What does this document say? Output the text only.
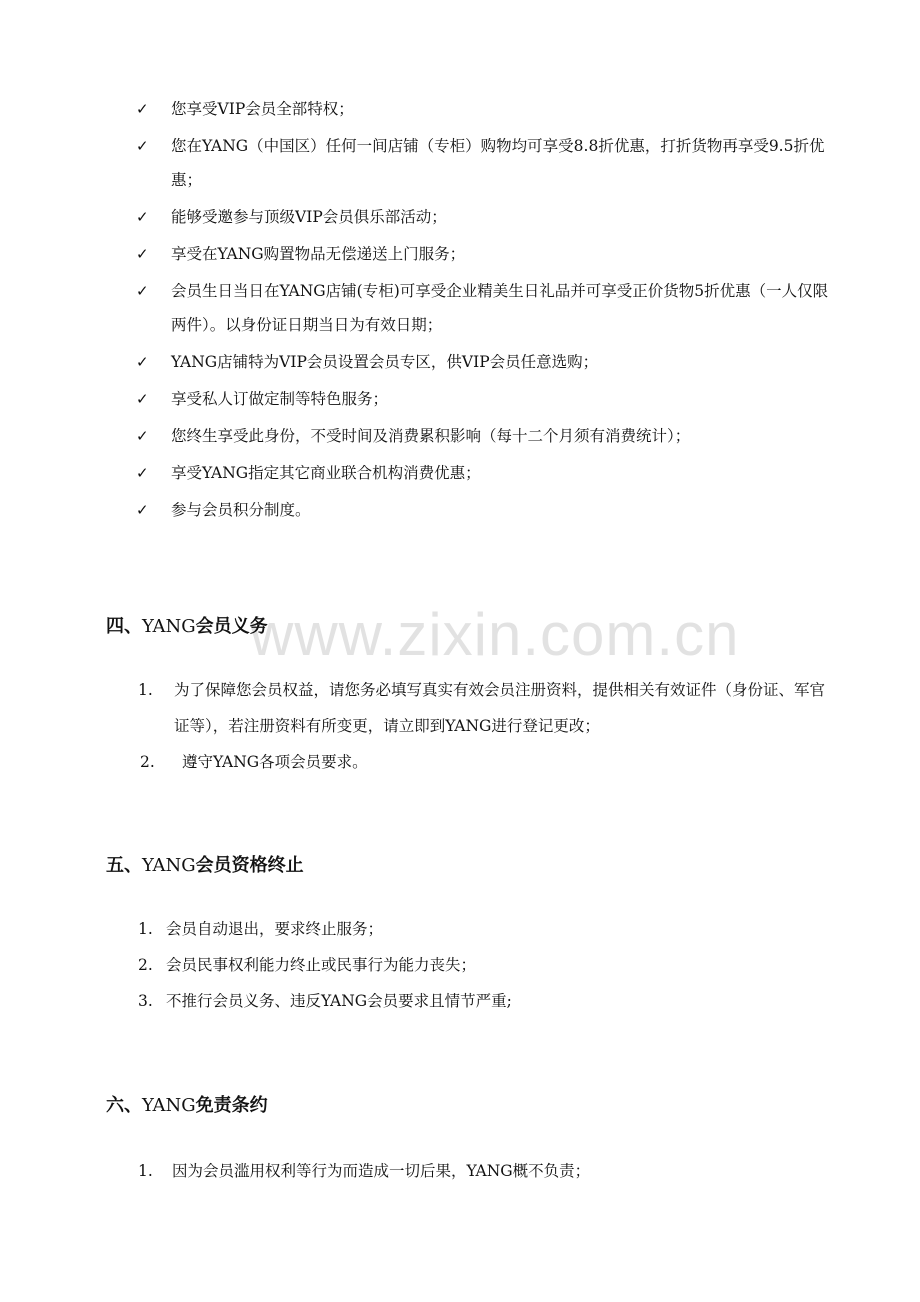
www.zixin.com.cn
✓ 您享受VIP会员全部特权；
✓ 您在YANG（中国区）任何一间店铺（专柜）购物均可享受8.8折优惠，打折货物再享受9.5折优惠；
✓ 能够受邀参与顶级VIP会员俱乐部活动；
✓ 享受在YANG购置物品无偿递送上门服务；
✓ 会员生日当日在YANG店铺(专柜)可享受企业精美生日礼品并可享受正价货物5折优惠（一人仅限两件）。以身份证日期当日为有效日期；
✓ YANG店铺特为VIP会员设置会员专区，供VIP会员任意选购；
✓ 享受私人订做定制等特色服务；
✓ 您终生享受此身份，不受时间及消费累积影响（每十二个月须有消费统计）；
✓ 享受YANG指定其它商业联合机构消费优惠；
✓ 参与会员积分制度。
四、YANG会员义务
1. 为了保障您会员权益，请您务必填写真实有效会员注册资料，提供相关有效证件（身份证、军官证等），若注册资料有所变更，请立即到YANG进行登记更改；
2. 遵守YANG各项会员要求。
五、YANG会员资格终止
1. 会员自动退出，要求终止服务；
2. 会员民事权利能力终止或民事行为能力丧失；
3. 不推行会员义务、违反YANG会员要求且情节严重;
六、YANG免责条约
1. 因为会员滥用权利等行为而造成一切后果，YANG概不负责；
